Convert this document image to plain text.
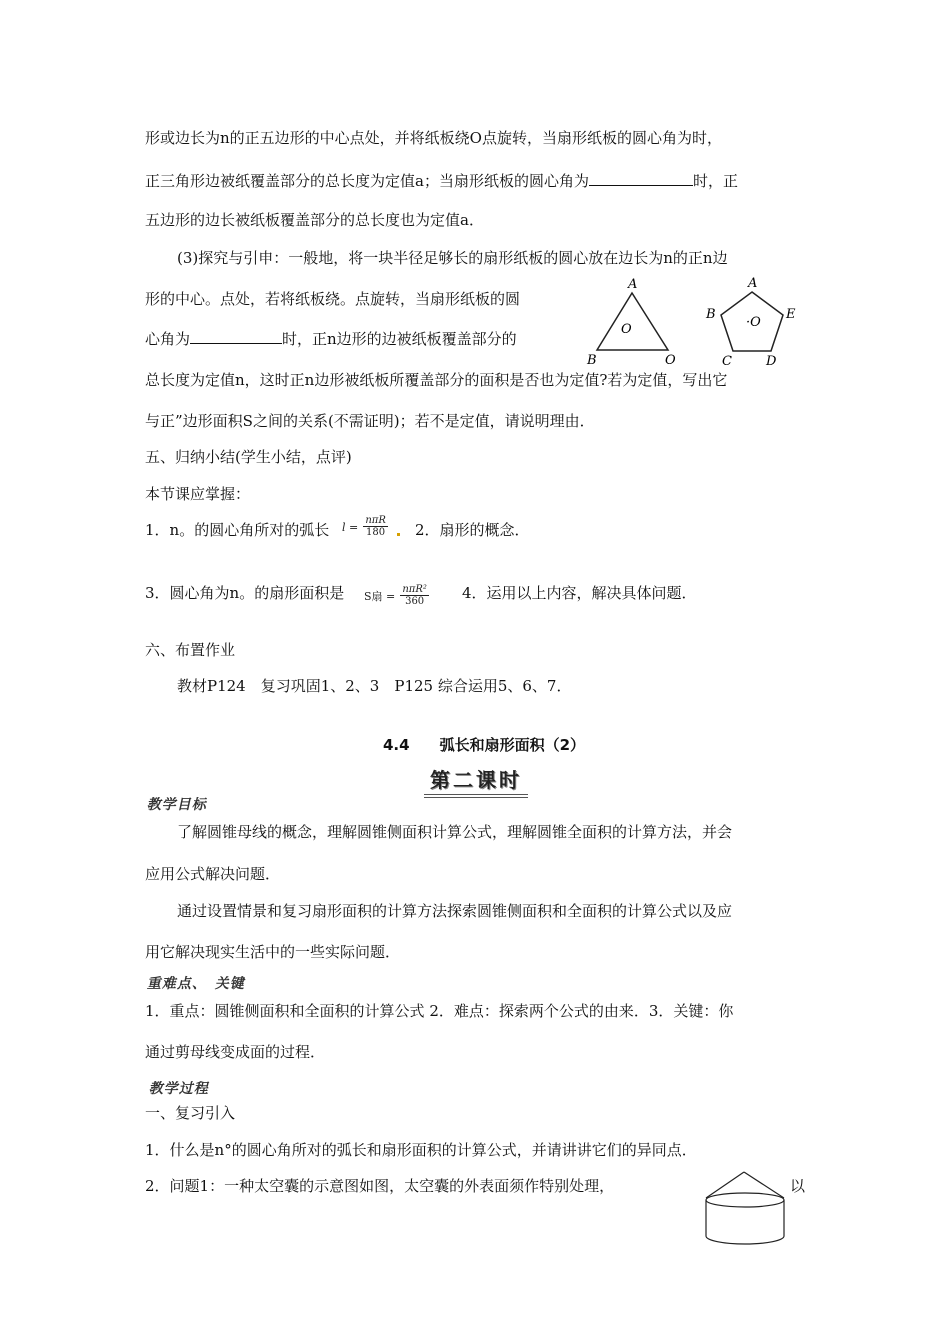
形或边长为n的正五边形的中心点处，并将纸板绕O点旋转，当扇形纸板的圆心角为时，
正三角形边被纸覆盖部分的总长度为定值a；当扇形纸板的圆心角为	时，正
五边形的边长被纸板覆盖部分的总长度也为定值a．
(3)探究与引申：一般地，将一块半径足够长的扇形纸板的圆心放在边长为n的正n边
形的中心。点处，若将纸板绕。点旋转，当扇形纸板的圆
心角为	时，正n边形的边被纸板覆盖部分的
A
B	O
O
A
B
C	D
E
·O
总长度为定值n，这时正n边形被纸板所覆盖部分的面积是否也为定值?若为定值，写出它
与正”边形面积S之间的关系(不需证明)；若不是定值，请说明理由．
五、归纳小结(学生小结，点评)
本节课应掌握：
1．n。的圆心角所对的弧长 $l = \frac{\text{nπR}}{180} 2$．扇形的概念．
3．圆心角为n。的扇形面积是 S扇 = $\frac{\text{nπR²}}{360} 4$．运用以上内容，解决具体问题．
六、布置作业
教材P124　复习巩固1、2、3　P125 综合运用5、6、7．
4.4　　弧长和扇形面积（2）
第二课时
教学目标
了解圆锥母线的概念，理解圆锥侧面积计算公式，理解圆锥全面积的计算方法，并会
应用公式解决问题．
通过设置情景和复习扇形面积的计算方法探索圆锥侧面积和全面积的计算公式以及应
用它解决现实生活中的一些实际问题．
重难点、　关键
1．重点：圆锥侧面积和全面积的计算公式 2．难点：探索两个公式的由来．3．关键：你
通过剪母线变成面的过程．
教学过程
一、复习引入
1．什么是n°的圆心角所对的弧长和扇形面积的计算公式，并请讲讲它们的异同点．
2．问题1：一种太空囊的示意图如图，太空囊的外表面须作特别处理，	以
